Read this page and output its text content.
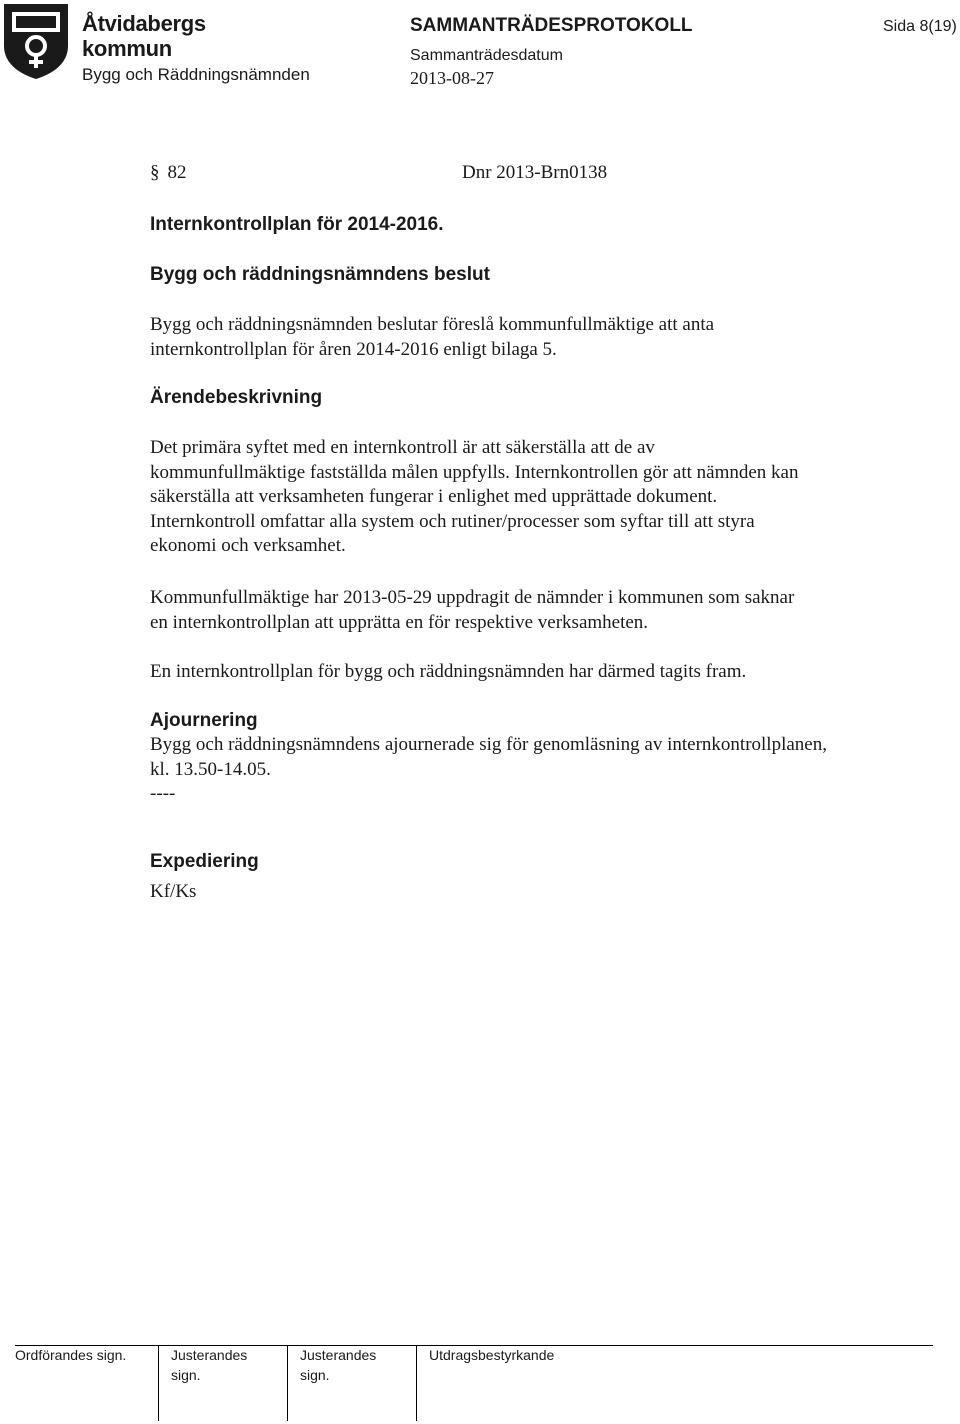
Åtvidabergs
kommun
Bygg och Räddningsnämnden
SAMMANTRÄDESPROTOKOLL
Sammanträdesdatum
2013-08-27
Sida 8(19)
§ 82	Dnr 2013-Brn0138
Internkontrollplan för 2014-2016.
Bygg och räddningsnämndens beslut
Bygg och räddningsnämnden beslutar föreslå kommunfullmäktige att anta
internkontrollplan för åren 2014-2016 enligt bilaga 5.
Ärendebeskrivning
Det primära syftet med en internkontroll är att säkerställa att de av
kommunfullmäktige fastställda målen uppfylls. Internkontrollen gör att nämnden kan
säkerställa att verksamheten fungerar i enlighet med upprättade dokument.
Internkontroll omfattar alla system och rutiner/processer som syftar till att styra
ekonomi och verksamhet.
Kommunfullmäktige har 2013-05-29 uppdragit de nämnder i kommunen som saknar
en internkontrollplan att upprätta en för respektive verksamheten.
En internkontrollplan för bygg och räddningsnämnden har därmed tagits fram.
Ajournering
Bygg och räddningsnämndens ajournerade sig för genomläsning av internkontrollplanen,
kl. 13.50-14.05.
----
Expediering
Kf/Ks
Ordförandes sign.	Justerandes
sign.
Justerandes
sign.
Utdragsbestyrkande
